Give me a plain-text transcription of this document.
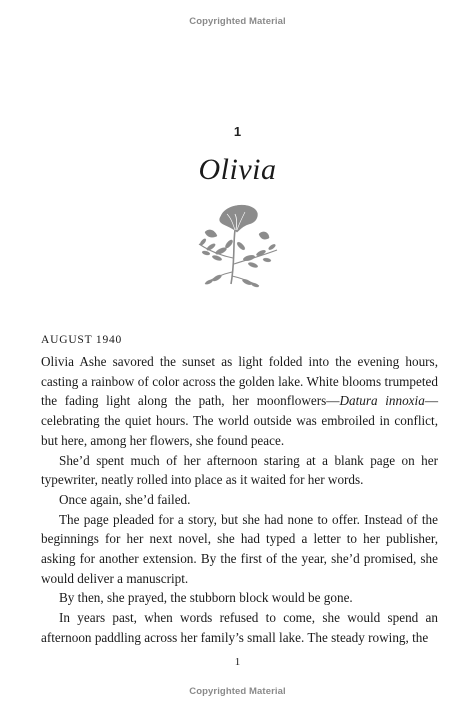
Copyrighted Material
1
Olivia
AUGUST 1940

Olivia Ashe savored the sunset as light folded into the evening hours, casting a rainbow of color across the golden lake. White blooms trumpeted the fading light along the path, her moonflowers—Datura innoxia—celebrating the quiet hours. The world outside was embroiled in conflict, but here, among her flowers, she found peace.

She’d spent much of her afternoon staring at a blank page on her typewriter, neatly rolled into place as it waited for her words.

Once again, she’d failed.

The page pleaded for a story, but she had none to offer. Instead of the beginnings for her next novel, she had typed a letter to her publisher, asking for another extension. By the first of the year, she’d promised, she would deliver a manuscript.

By then, she prayed, the stubborn block would be gone.

In years past, when words refused to come, she would spend an afternoon paddling across her family’s small lake. The steady rowing, the

1
Copyrighted Material
